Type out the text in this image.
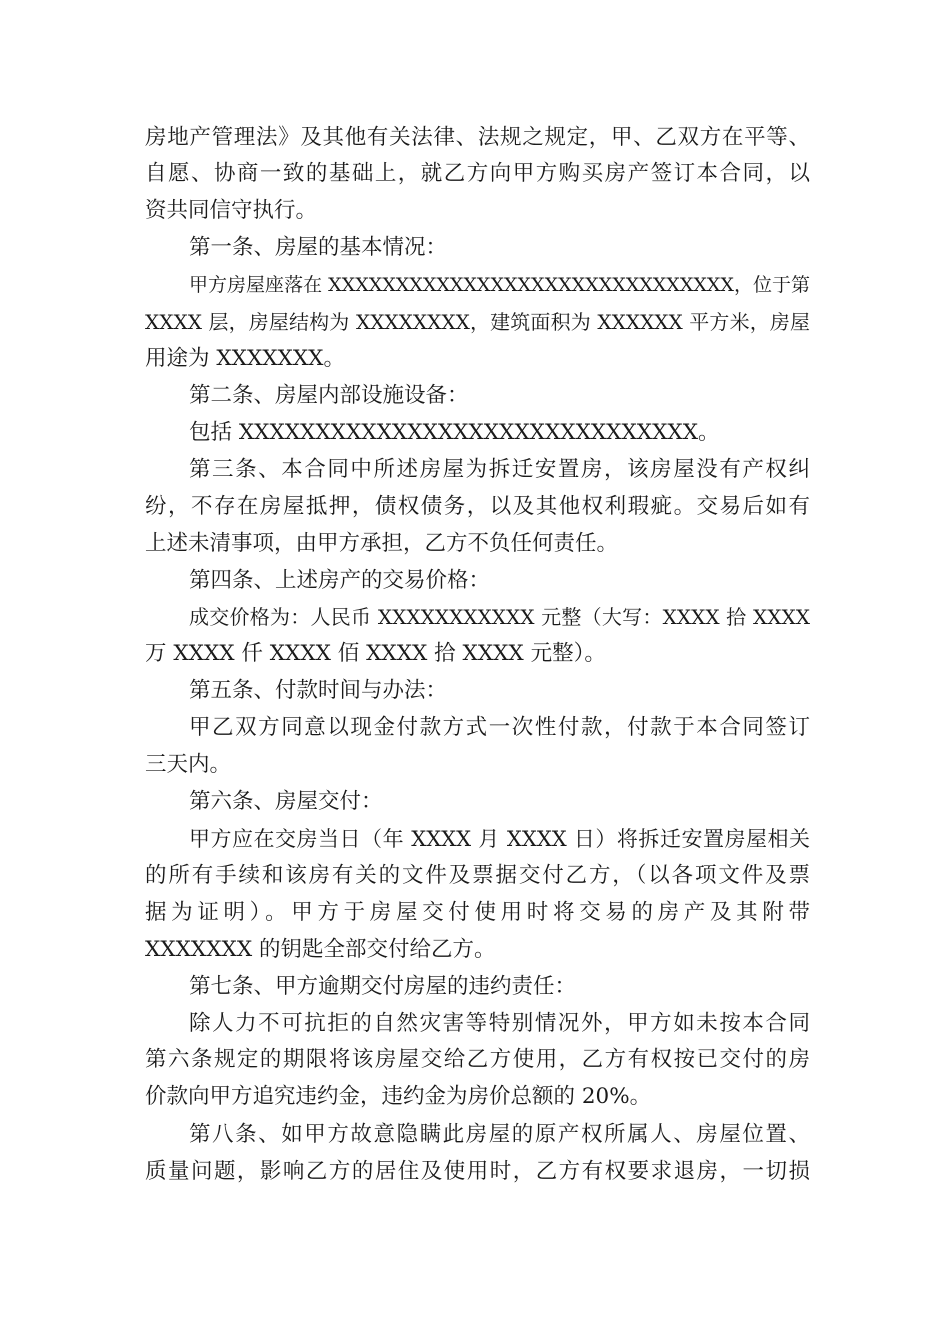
房地产管理法》及其他有关法律、法规之规定，甲、乙双方在平等、
自愿、协商一致的基础上，就乙方向甲方购买房产签订本合同，以
资共同信守执行。
第一条、房屋的基本情况：
甲方房屋座落在 XXXXXXXXXXXXXXXXXXXXXXXXXXXXXX，位于第
XXXX 层，房屋结构为 XXXXXXXX，建筑面积为 XXXXXX 平方米，房屋
用途为 XXXXXXX。
第二条、房屋内部设施设备：
包括 XXXXXXXXXXXXXXXXXXXXXXXXXXXXXX。
第三条、本合同中所述房屋为拆迁安置房，该房屋没有产权纠
纷，不存在房屋抵押，债权债务，以及其他权利瑕疵。交易后如有
上述未清事项，由甲方承担，乙方不负任何责任。
第四条、上述房产的交易价格：
成交价格为：人民币 XXXXXXXXXXX 元整（大写：XXXX 拾 XXXX
万 XXXX 仟 XXXX 佰 XXXX 拾 XXXX 元整）。
第五条、付款时间与办法：
甲乙双方同意以现金付款方式一次性付款，付款于本合同签订
三天内。
第六条、房屋交付：
甲方应在交房当日（年 XXXX 月 XXXX 日）将拆迁安置房屋相关
的所有手续和该房有关的文件及票据交付乙方，（以各项文件及票
据为证明）。甲方于房屋交付使用时将交易的房产及其附带
XXXXXXX 的钥匙全部交付给乙方。
第七条、甲方逾期交付房屋的违约责任：
除人力不可抗拒的自然灾害等特别情况外，甲方如未按本合同
第六条规定的期限将该房屋交给乙方使用，乙方有权按已交付的房
价款向甲方追究违约金，违约金为房价总额的 20%。
第八条、如甲方故意隐瞒此房屋的原产权所属人、房屋位置、
质量问题，影响乙方的居住及使用时，乙方有权要求退房，一切损
